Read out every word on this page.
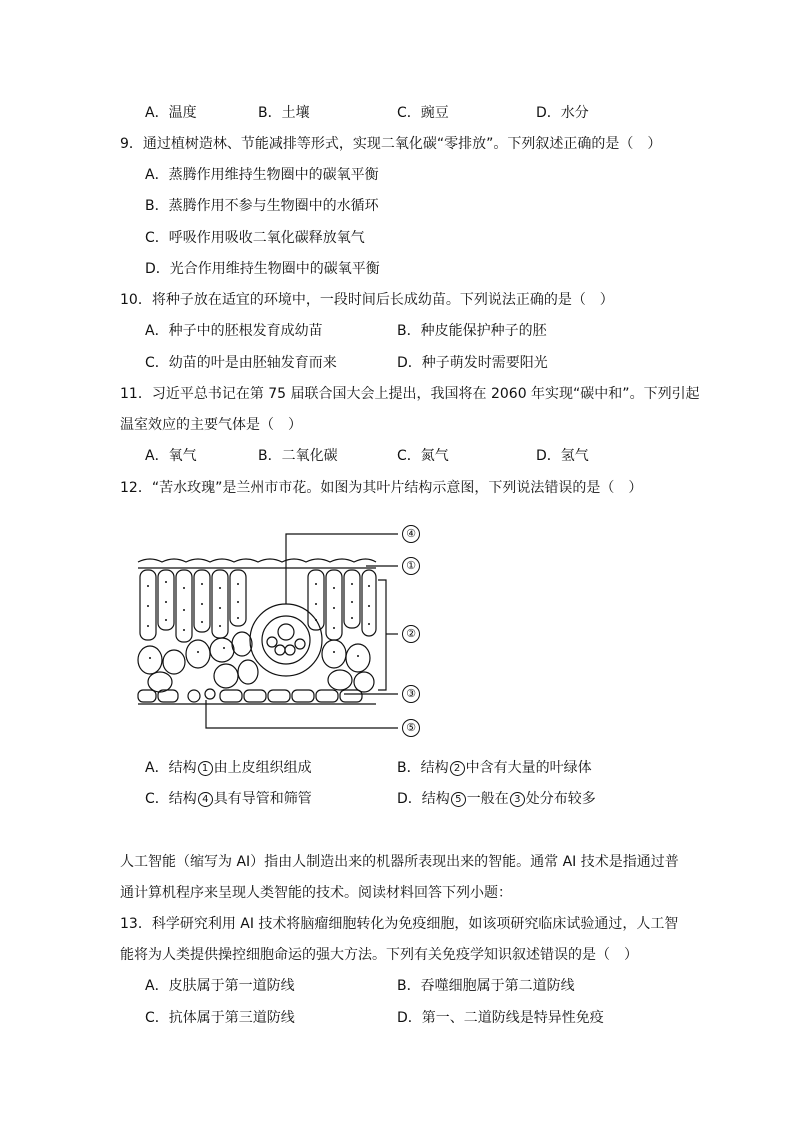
A．温度	B．土壤	C．豌豆	D．水分
9．通过植树造林、节能减排等形式，实现二氧化碳“零排放”。下列叙述正确的是（　）
A．蒸腾作用维持生物圈中的碳氧平衡
B．蒸腾作用不参与生物圈中的水循环
C．呼吸作用吸收二氧化碳释放氧气
D．光合作用维持生物圈中的碳氧平衡
10．将种子放在适宜的环境中，一段时间后长成幼苗。下列说法正确的是（　）
A．种子中的胚根发育成幼苗	B．种皮能保护种子的胚
C．幼苗的叶是由胚轴发育而来	D．种子萌发时需要阳光
11．习近平总书记在第 75 届联合国大会上提出，我国将在 2060 年实现“碳中和”。下列引起
温室效应的主要气体是（　）
A．氧气	B．二氧化碳	C．氮气	D．氢气
12．“苦水玫瑰”是兰州市市花。如图为其叶片结构示意图，下列说法错误的是（　）
④
①
②
③
⑤
A．结构 1 由上皮组织组成	B．结构 2 中含有大量的叶绿体
C．结构 4 具有导管和筛管	D．结构 5 一般在 3 处分布较多
人工智能（缩写为 AI）指由人制造出来的机器所表现出来的智能。通常 AI 技术是指通过普
通计算机程序来呈现人类智能的技术。阅读材料回答下列小题：
13．科学研究利用 AI 技术将脑瘤细胞转化为免疫细胞，如该项研究临床试验通过，人工智
能将为人类提供操控细胞命运的强大方法。下列有关免疫学知识叙述错误的是（　）
A．皮肤属于第一道防线	B．吞噬细胞属于第二道防线
C．抗体属于第三道防线	D．第一、二道防线是特异性免疫
